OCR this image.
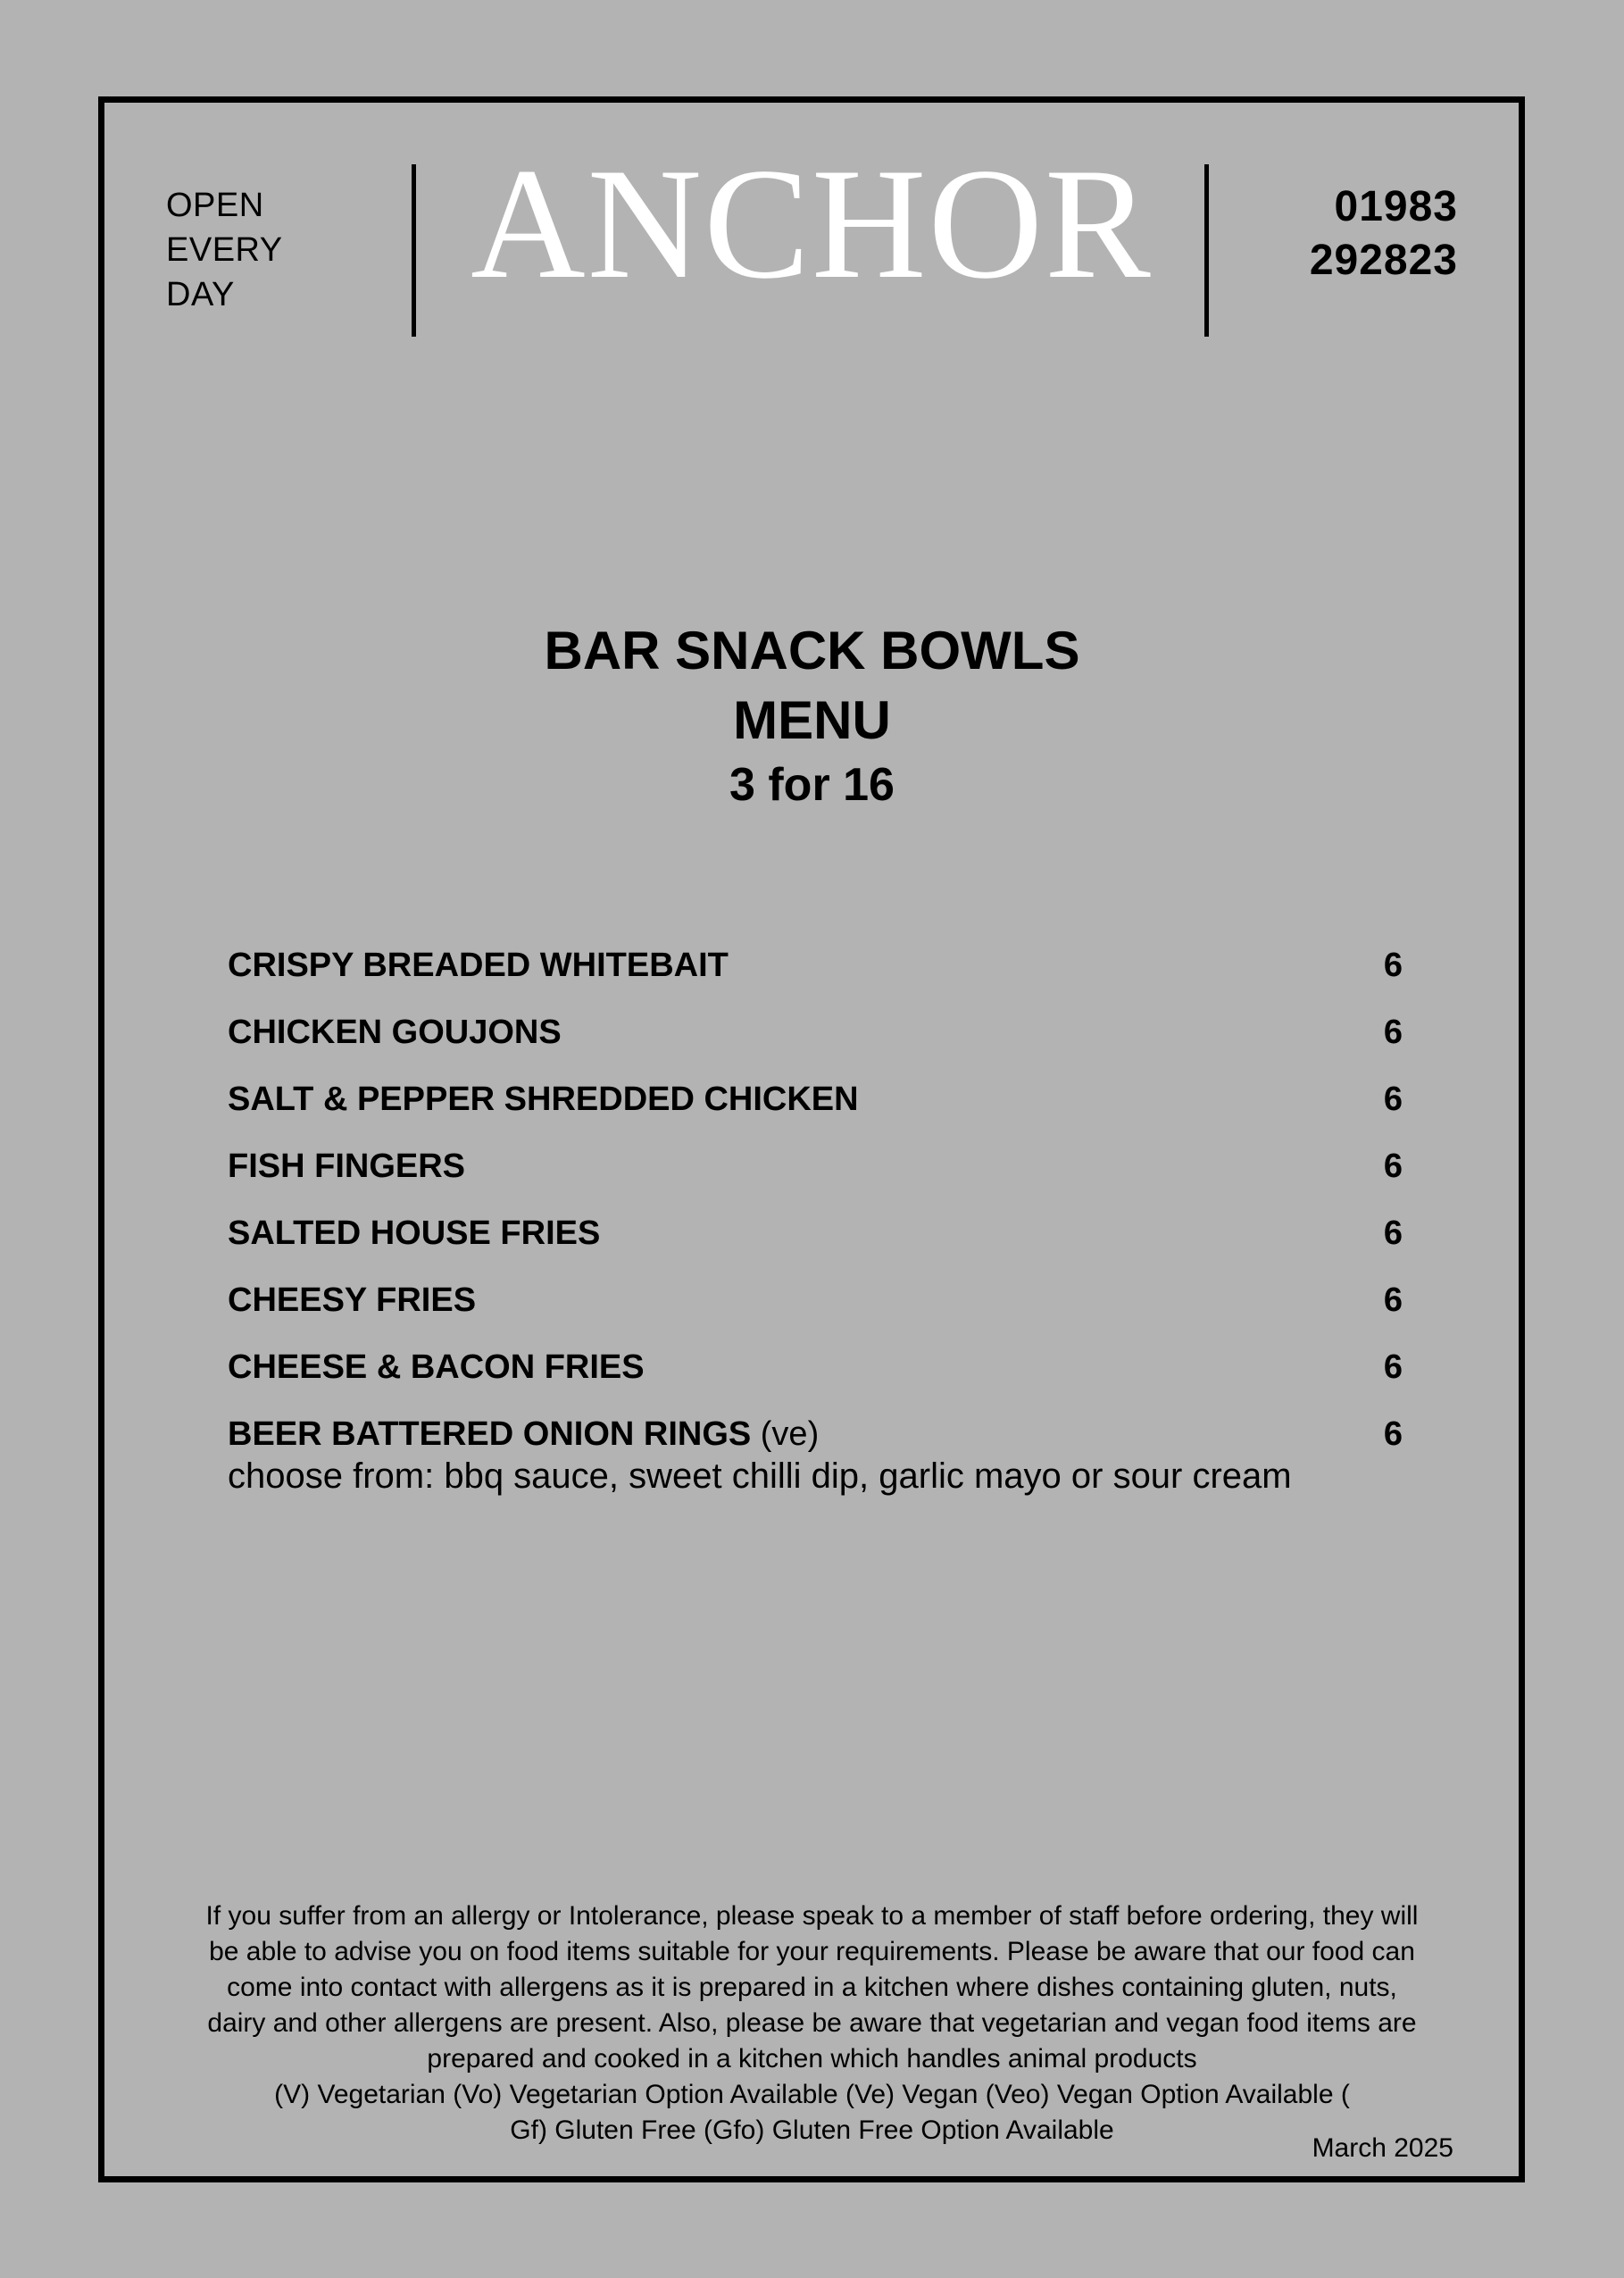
OPEN
EVERY
DAY	ANCHOR	01983
292823
BAR SNACK BOWLS
MENU
3 for 16
CRISPY BREADED WHITEBAIT	6
CHICKEN GOUJONS	6
SALT & PEPPER SHREDDED CHICKEN	6
FISH FINGERS	6
SALTED HOUSE FRIES	6
CHEESY FRIES	6
CHEESE & BACON FRIES	6
BEER BATTERED ONION RINGS (ve)	6
choose from: bbq sauce, sweet chilli dip, garlic mayo or sour cream
If you suffer from an allergy or Intolerance, please speak to a member of staff before ordering, they will
be able to advise you on food items suitable for your requirements. Please be aware that our food can
come into contact with allergens as it is prepared in a kitchen where dishes containing gluten, nuts,
dairy and other allergens are present. Also, please be aware that vegetarian and vegan food items are
prepared and cooked in a kitchen which handles animal products
(V) Vegetarian (Vo) Vegetarian Option Available (Ve) Vegan (Veo) Vegan Option Available (
Gf) Gluten Free (Gfo) Gluten Free Option Available
March 2025
